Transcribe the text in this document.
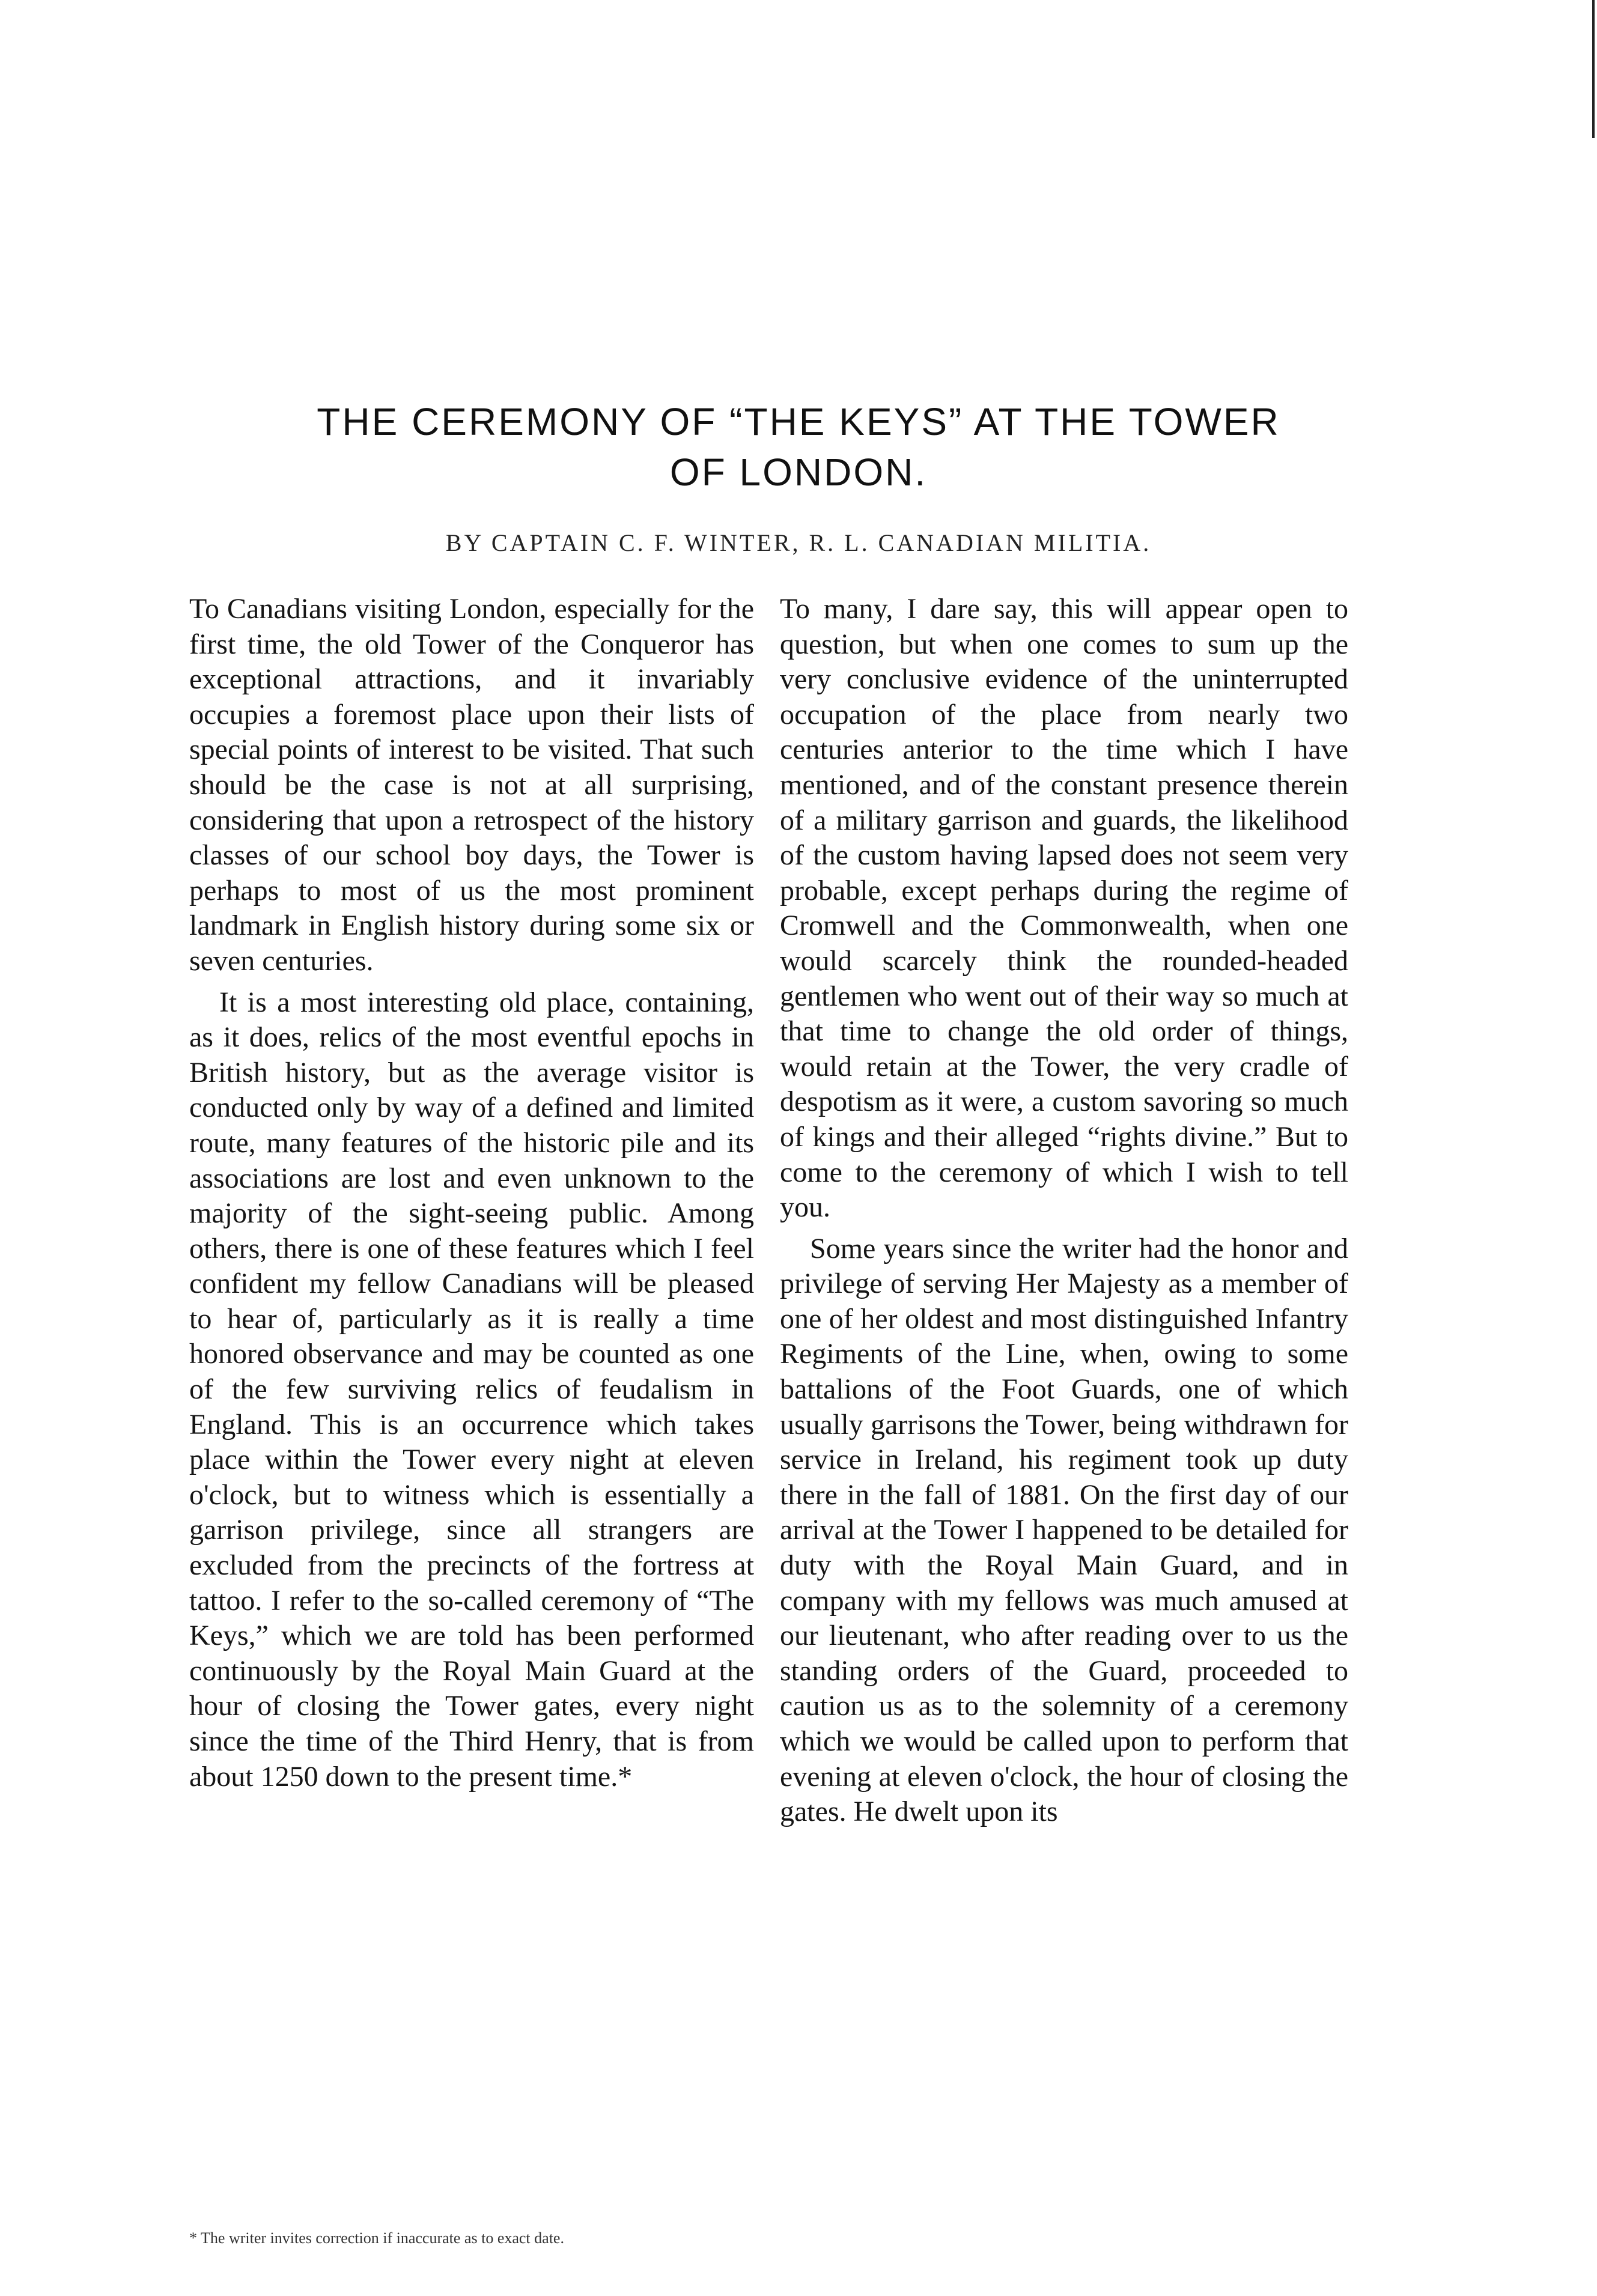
THE CEREMONY OF “THE KEYS” AT THE TOWER
OF LONDON.
BY CAPTAIN C. F. WINTER, R. L. CANADIAN MILITIA.

To Canadians visiting London, especially for the first time, the old Tower of the Conqueror has exceptional attractions, and it invariably occupies a foremost place upon their lists of special points of interest to be visited. That such should be the case is not at all surprising, considering that upon a retrospect of the history classes of our school boy days, the Tower is perhaps to most of us the most prominent landmark in English history during some six or seven centuries.

It is a most interesting old place, containing, as it does, relics of the most eventful epochs in British history, but as the average visitor is conducted only by way of a defined and limited route, many features of the historic pile and its associations are lost and even unknown to the majority of the sight-seeing public. Among others, there is one of these features which I feel confident my fellow Canadians will be pleased to hear of, particularly as it is really a time honored observance and may be counted as one of the few surviving relics of feudalism in England. This is an occurrence which takes place within the Tower every night at eleven o'clock, but to witness which is essentially a garrison privilege, since all strangers are excluded from the precincts of the fortress at tattoo. I refer to the so-called ceremony of “The Keys,” which we are told has been performed continuously by the Royal Main Guard at the hour of closing the Tower gates, every night since the time of the Third Henry, that is from about 1250 down to the present time.*

To many, I dare say, this will appear open to question, but when one comes to sum up the very conclusive evidence of the uninterrupted occupation of the place from nearly two centuries anterior to the time which I have mentioned, and of the constant presence therein of a military garrison and guards, the likelihood of the custom having lapsed does not seem very probable, except perhaps during the regime of Cromwell and the Commonwealth, when one would scarcely think the rounded-headed gentlemen who went out of their way so much at that time to change the old order of things, would retain at the Tower, the very cradle of despotism as it were, a custom savoring so much of kings and their alleged “rights divine.” But to come to the ceremony of which I wish to tell you.

Some years since the writer had the honor and privilege of serving Her Majesty as a member of one of her oldest and most distinguished Infantry Regiments of the Line, when, owing to some battalions of the Foot Guards, one of which usually garrisons the Tower, being withdrawn for service in Ireland, his regiment took up duty there in the fall of 1881. On the first day of our arrival at the Tower I happened to be detailed for duty with the Royal Main Guard, and in company with my fellows was much amused at our lieutenant, who after reading over to us the standing orders of the Guard, proceeded to caution us as to the solemnity of a ceremony which we would be called upon to perform that evening at eleven o'clock, the hour of closing the gates. He dwelt upon its

* The writer invites correction if inaccurate as to exact date.
